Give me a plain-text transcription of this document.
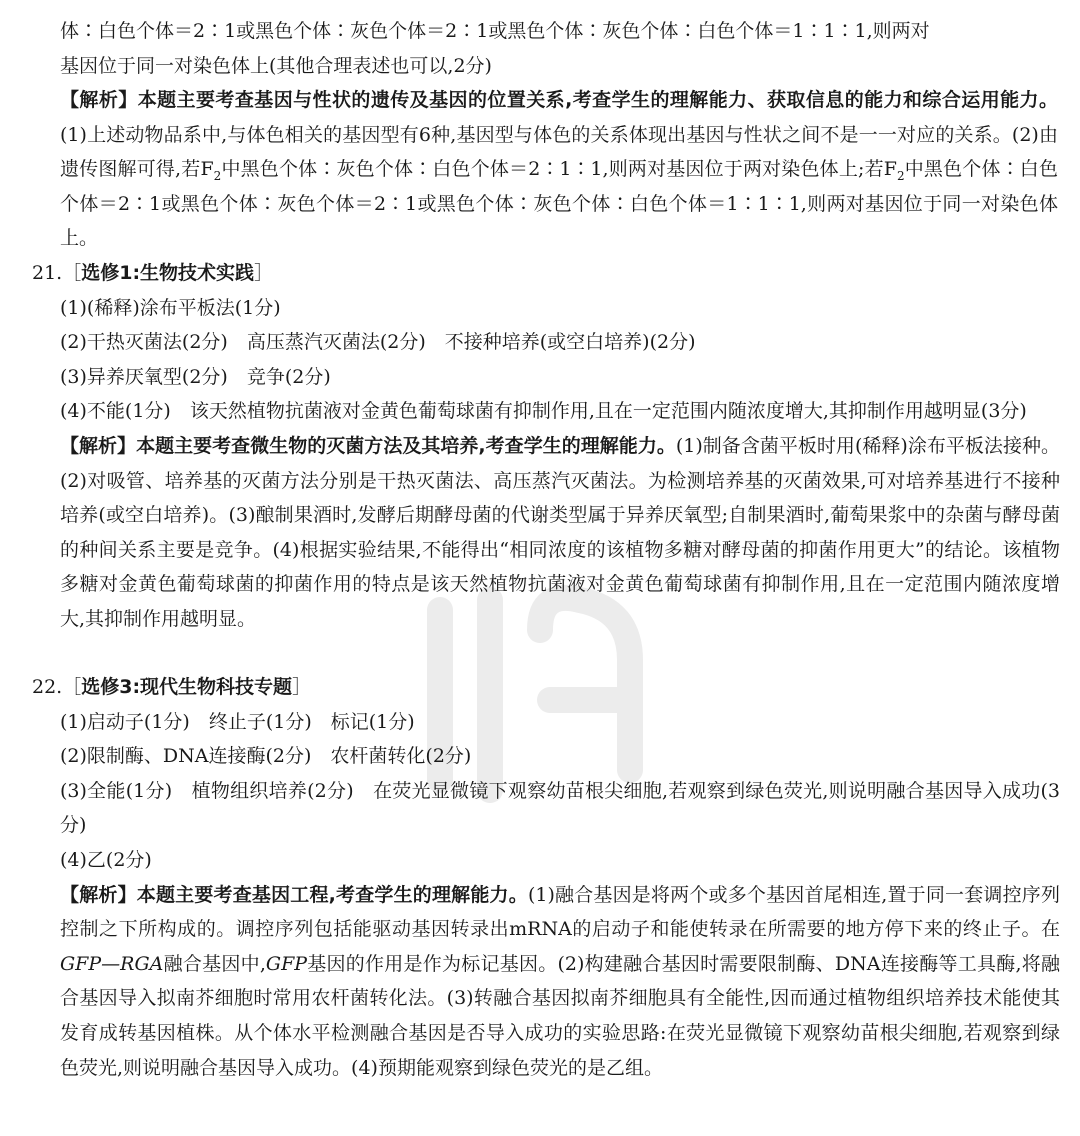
体∶白色个体＝2∶1或黑色个体∶灰色个体＝2∶1或黑色个体∶灰色个体∶白色个体＝1∶1∶1,则两对

基因位于同一对染色体上(其他合理表述也可以,2分)

【解析】本题主要考查基因与性状的遗传及基因的位置关系,考查学生的理解能力、获取信息的能力和综合运用能力。(1)上述动物品系中,与体色相关的基因型有6种,基因型与体色的关系体现出基因与性状之间不是一一对应的关系。(2)由遗传图解可得,若$F_2$中黑色个体∶灰色个体∶白色个体＝2∶1∶1,则两对基因位于两对染色体上;若$F_2$中黑色个体∶白色个体＝2∶1或黑色个体∶灰色个体＝2∶1或黑色个体∶灰色个体∶白色个体＝1∶1∶1,则两对基因位于同一对染色体上。

21.［选修1:生物技术实践］

(1)(稀释)涂布平板法(1分)

(2)干热灭菌法(2分)　高压蒸汽灭菌法(2分)　不接种培养(或空白培养)(2分)

(3)异养厌氧型(2分)　竞争(2分)

(4)不能(1分)　该天然植物抗菌液对金黄色葡萄球菌有抑制作用,且在一定范围内随浓度增大,其抑制作用越明显(3分)

【解析】本题主要考查微生物的灭菌方法及其培养,考查学生的理解能力。(1)制备含菌平板时用(稀释)涂布平板法接种。(2)对吸管、培养基的灭菌方法分别是干热灭菌法、高压蒸汽灭菌法。为检测培养基的灭菌效果,可对培养基进行不接种培养(或空白培养)。(3)酿制果酒时,发酵后期酵母菌的代谢类型属于异养厌氧型;自制果酒时,葡萄果浆中的杂菌与酵母菌的种间关系主要是竞争。(4)根据实验结果,不能得出“相同浓度的该植物多糖对酵母菌的抑菌作用更大”的结论。该植物多糖对金黄色葡萄球菌的抑菌作用的特点是该天然植物抗菌液对金黄色葡萄球菌有抑制作用,且在一定范围内随浓度增大,其抑制作用越明显。

22.［选修3:现代生物科技专题］

(1)启动子(1分)　终止子(1分)　标记(1分)

(2)限制酶、DNA连接酶(2分)　农杆菌转化(2分)

(3)全能(1分)　植物组织培养(2分)　在荧光显微镜下观察幼苗根尖细胞,若观察到绿色荧光,则说明融合基因导入成功(3分)

(4)乙(2分)

【解析】本题主要考查基因工程,考查学生的理解能力。(1)融合基因是将两个或多个基因首尾相连,置于同一套调控序列控制之下所构成的。调控序列包括能驱动基因转录出mRNA的启动子和能使转录在所需要的地方停下来的终止子。在GFP—RGA融合基因中,GFP基因的作用是作为标记基因。(2)构建融合基因时需要限制酶、DNA连接酶等工具酶,将融合基因导入拟南芥细胞时常用农杆菌转化法。(3)转融合基因拟南芥细胞具有全能性,因而通过植物组织培养技术能使其发育成转基因植株。从个体水平检测融合基因是否导入成功的实验思路:在荧光显微镜下观察幼苗根尖细胞,若观察到绿色荧光,则说明融合基因导入成功。(4)预期能观察到绿色荧光的是乙组。
